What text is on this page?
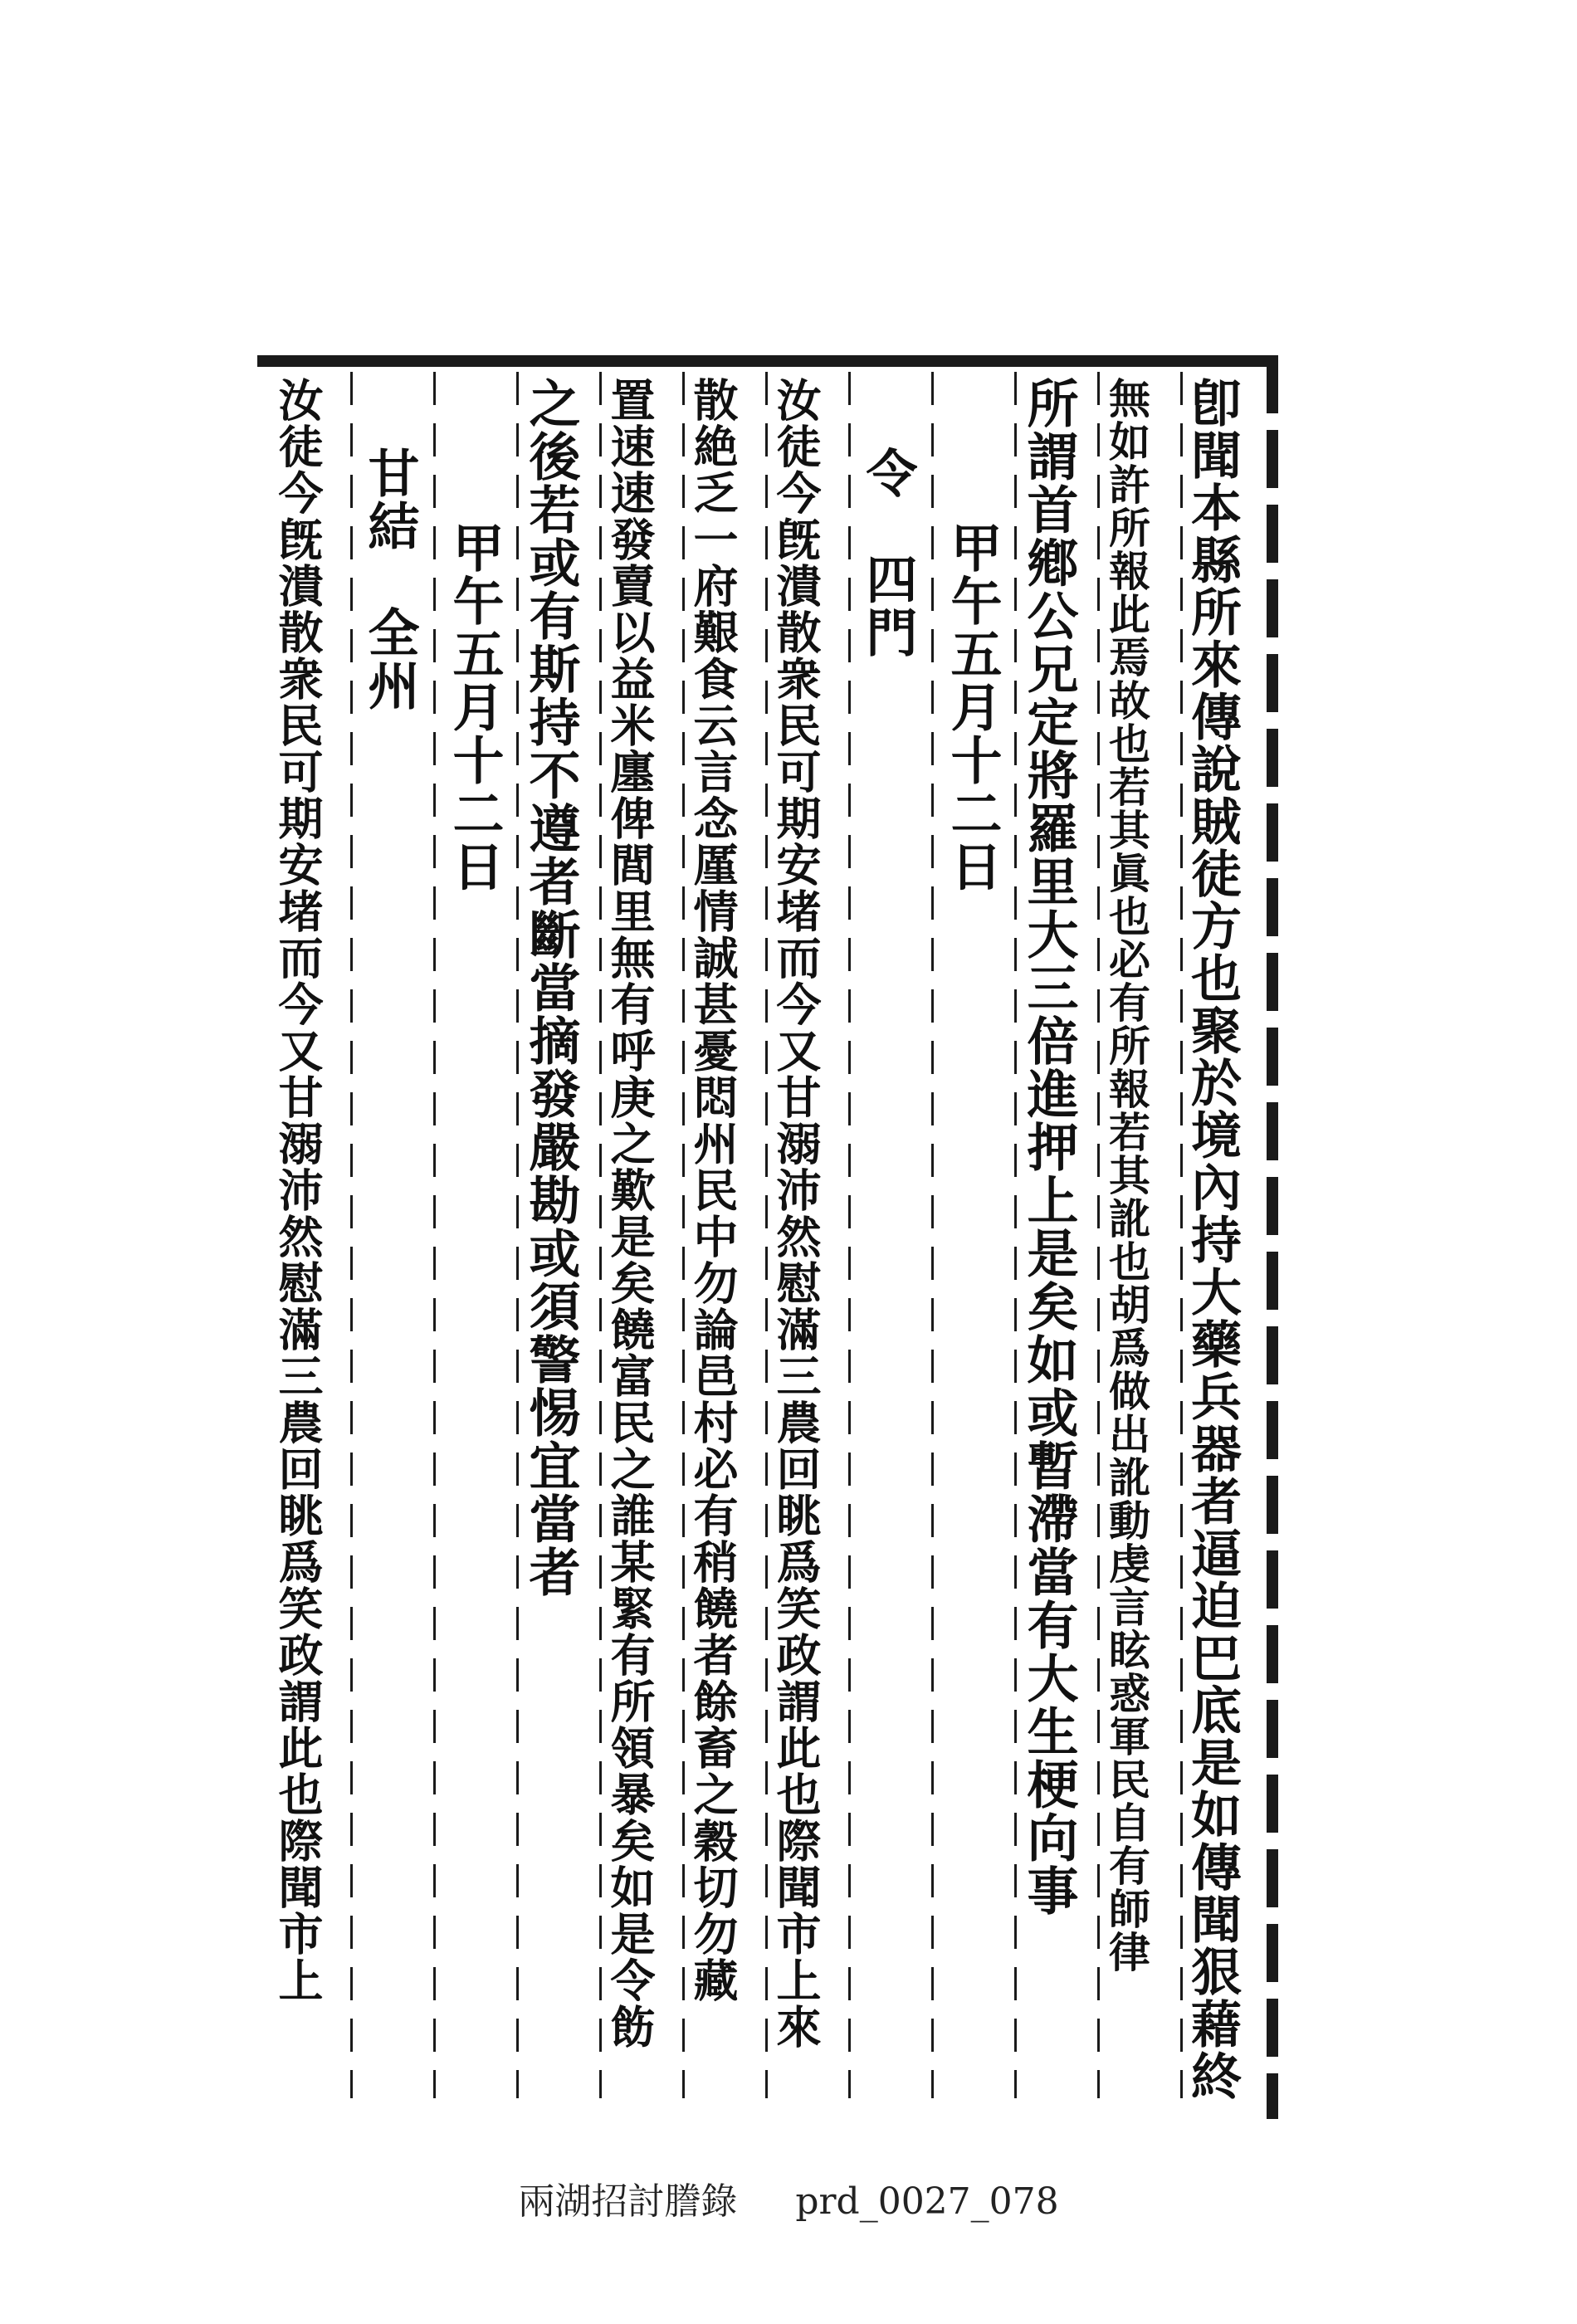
卽聞本縣所來傳說賊徒方也聚於境內持大藥兵器者逼迫巴底是如傳聞狠藉終
無如許所報此焉故也若其眞也必有所報若其訛也胡爲做出訛動虔言眩惑軍民自有師律
所謂首鄕公兄定將羅里大三倍進押上是矣如或暫滯當有大生梗向事
甲午五月十二日
令　四門
汝徒今旣潰散衆民可期安堵而今又甘溺沛然慰滿三農回眺爲笑政謂此也際聞市上來
散絶乏一府艱食云言念厪情誠甚憂悶州民中勿論邑村必有稍饒者餘畜之穀切勿藏
置速速發賣以益米廛俾閭里無有呼庚之歎是矣饒富民之誰某緊有所領暴矣如是令飭
之後若或有斯持不遵者斷當摘發嚴勘或須警惕宜當者
甲午五月十二日
甘結　全州
汝徒今旣潰散衆民可期安堵而今又甘溺沛然慰滿三農回眺爲笑政謂此也際聞市上
兩湖招討謄錄 prd_0027_078
